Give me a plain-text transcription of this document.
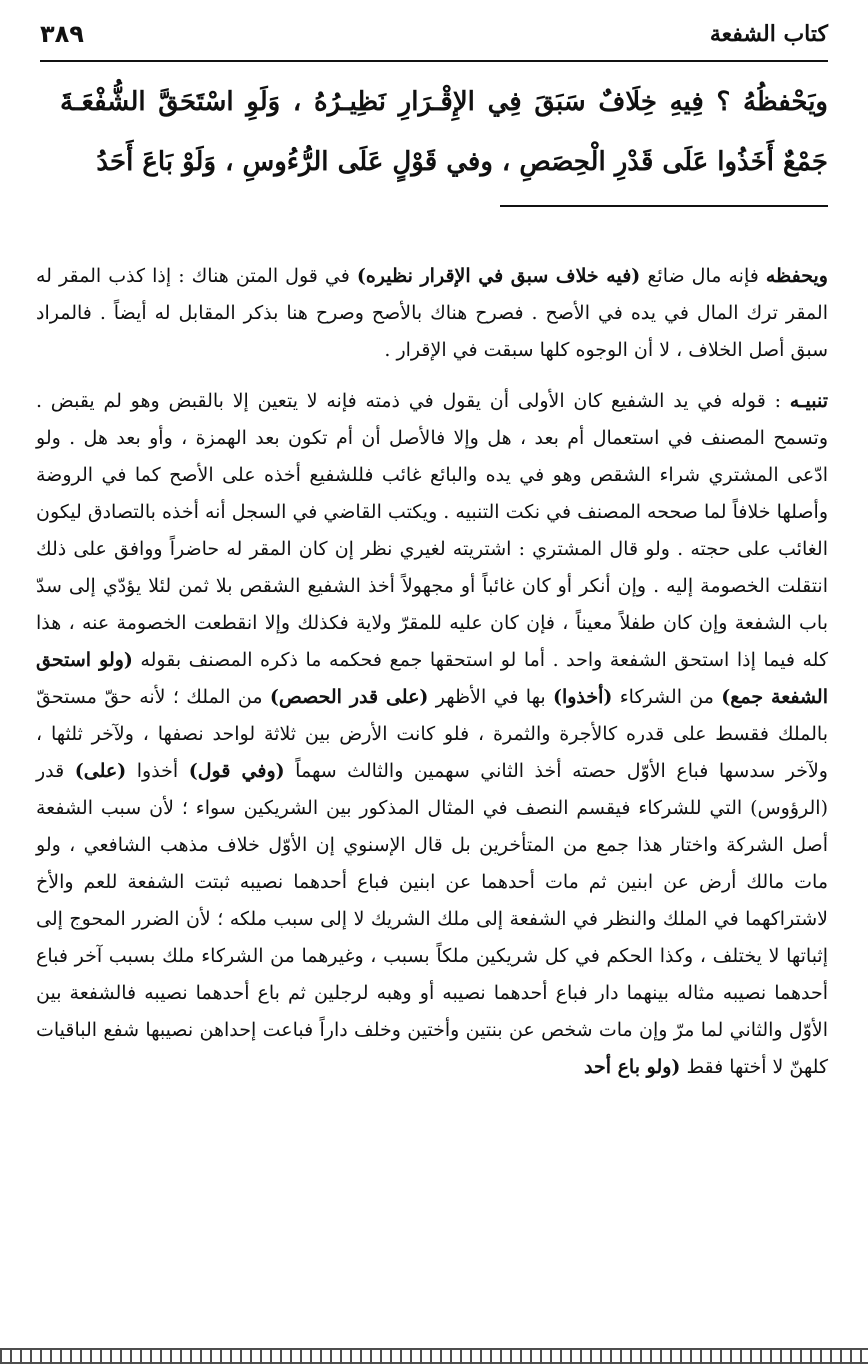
٣٨٩	كتاب الشفعة
ويَحْفظُهُ ؟ فِيهِ خِلَافٌ سَبَقَ فِي الإِقْـرَارِ نَظِيـرُهُ ، وَلَوِ اسْتَحَقَّ الشُّفْعَـةَ جَمْعٌ أَخَذُوا عَلَى قَدْرِ الْحِصَصِ ، وفي قَوْلٍ عَلَى الرُّءُوسِ ، وَلَوْ بَاعَ أَحَدُ

ويحفظه فإنه مال ضائع (فيه خلاف سبق في الإقرار نظيره) في قول المتن هناك : إذا كذب المقر له المقر ترك المال في يده في الأصح . فصرح هناك بالأصح وصرح هنا بذكر المقابل له أيضاً . فالمراد سبق أصل الخلاف ، لا أن الوجوه كلها سبقت في الإقرار .

تنبيـه : قوله في يد الشفيع كان الأولى أن يقول في ذمته فإنه لا يتعين إلا بالقبض وهو لم يقبض . وتسمح المصنف في استعمال أم بعد ، هل وإلا فالأصل أن أم تكون بعد الهمزة ، وأو بعد هل . ولو ادّعى المشتري شراء الشقص وهو في يده والبائع غائب فللشفيع أخذه على الأصح كما في الروضة وأصلها خلافاً لما صححه المصنف في نكت التنبيه . ويكتب القاضي في السجل أنه أخذه بالتصادق ليكون الغائب على حجته . ولو قال المشتري : اشتريته لغيري نظر إن كان المقر له حاضراً ووافق على ذلك انتقلت الخصومة إليه . وإن أنكر أو كان غائباً أو مجهولاً أخذ الشفيع الشقص بلا ثمن لئلا يؤدّي إلى سدّ باب الشفعة وإن كان طفلاً معيناً ، فإن كان عليه للمقرّ ولاية فكذلك وإلا انقطعت الخصومة عنه ، هذا كله فيما إذا استحق الشفعة واحد . أما لو استحقها جمع فحكمه ما ذكره المصنف بقوله (ولو استحق الشفعة جمع) من الشركاء (أخذوا) بها في الأظهر (على قدر الحصص) من الملك ؛ لأنه حقّ مستحقّ بالملك فقسط على قدره كالأجرة والثمرة ، فلو كانت الأرض بين ثلاثة لواحد نصفها ، ولآخر ثلثها ، ولآخر سدسها فباع الأوّل حصته أخذ الثاني سهمين والثالث سهماً (وفي قول) أخذوا (على) قدر (الرؤوس) التي للشركاء فيقسم النصف في المثال المذكور بين الشريكين سواء ؛ لأن سبب الشفعة أصل الشركة واختار هذا جمع من المتأخرين بل قال الإسنوي إن الأوّل خلاف مذهب الشافعي ، ولو مات مالك أرض عن ابنين ثم مات أحدهما عن ابنين فباع أحدهما نصيبه ثبتت الشفعة للعم والأخ لاشتراكهما في الملك والنظر في الشفعة إلى ملك الشريك لا إلى سبب ملكه ؛ لأن الضرر المحوج إلى إثباتها لا يختلف ، وكذا الحكم في كل شريكين ملكاً بسبب ، وغيرهما من الشركاء ملك بسبب آخر فباع أحدهما نصيبه مثاله بينهما دار فباع أحدهما نصيبه أو وهبه لرجلين ثم باع أحدهما نصيبه فالشفعة بين الأوّل والثاني لما مرّ وإن مات شخص عن بنتين وأختين وخلف داراً فباعت إحداهن نصيبها شفع الباقيات كلهنّ لا أختها فقط (ولو باع أحد
